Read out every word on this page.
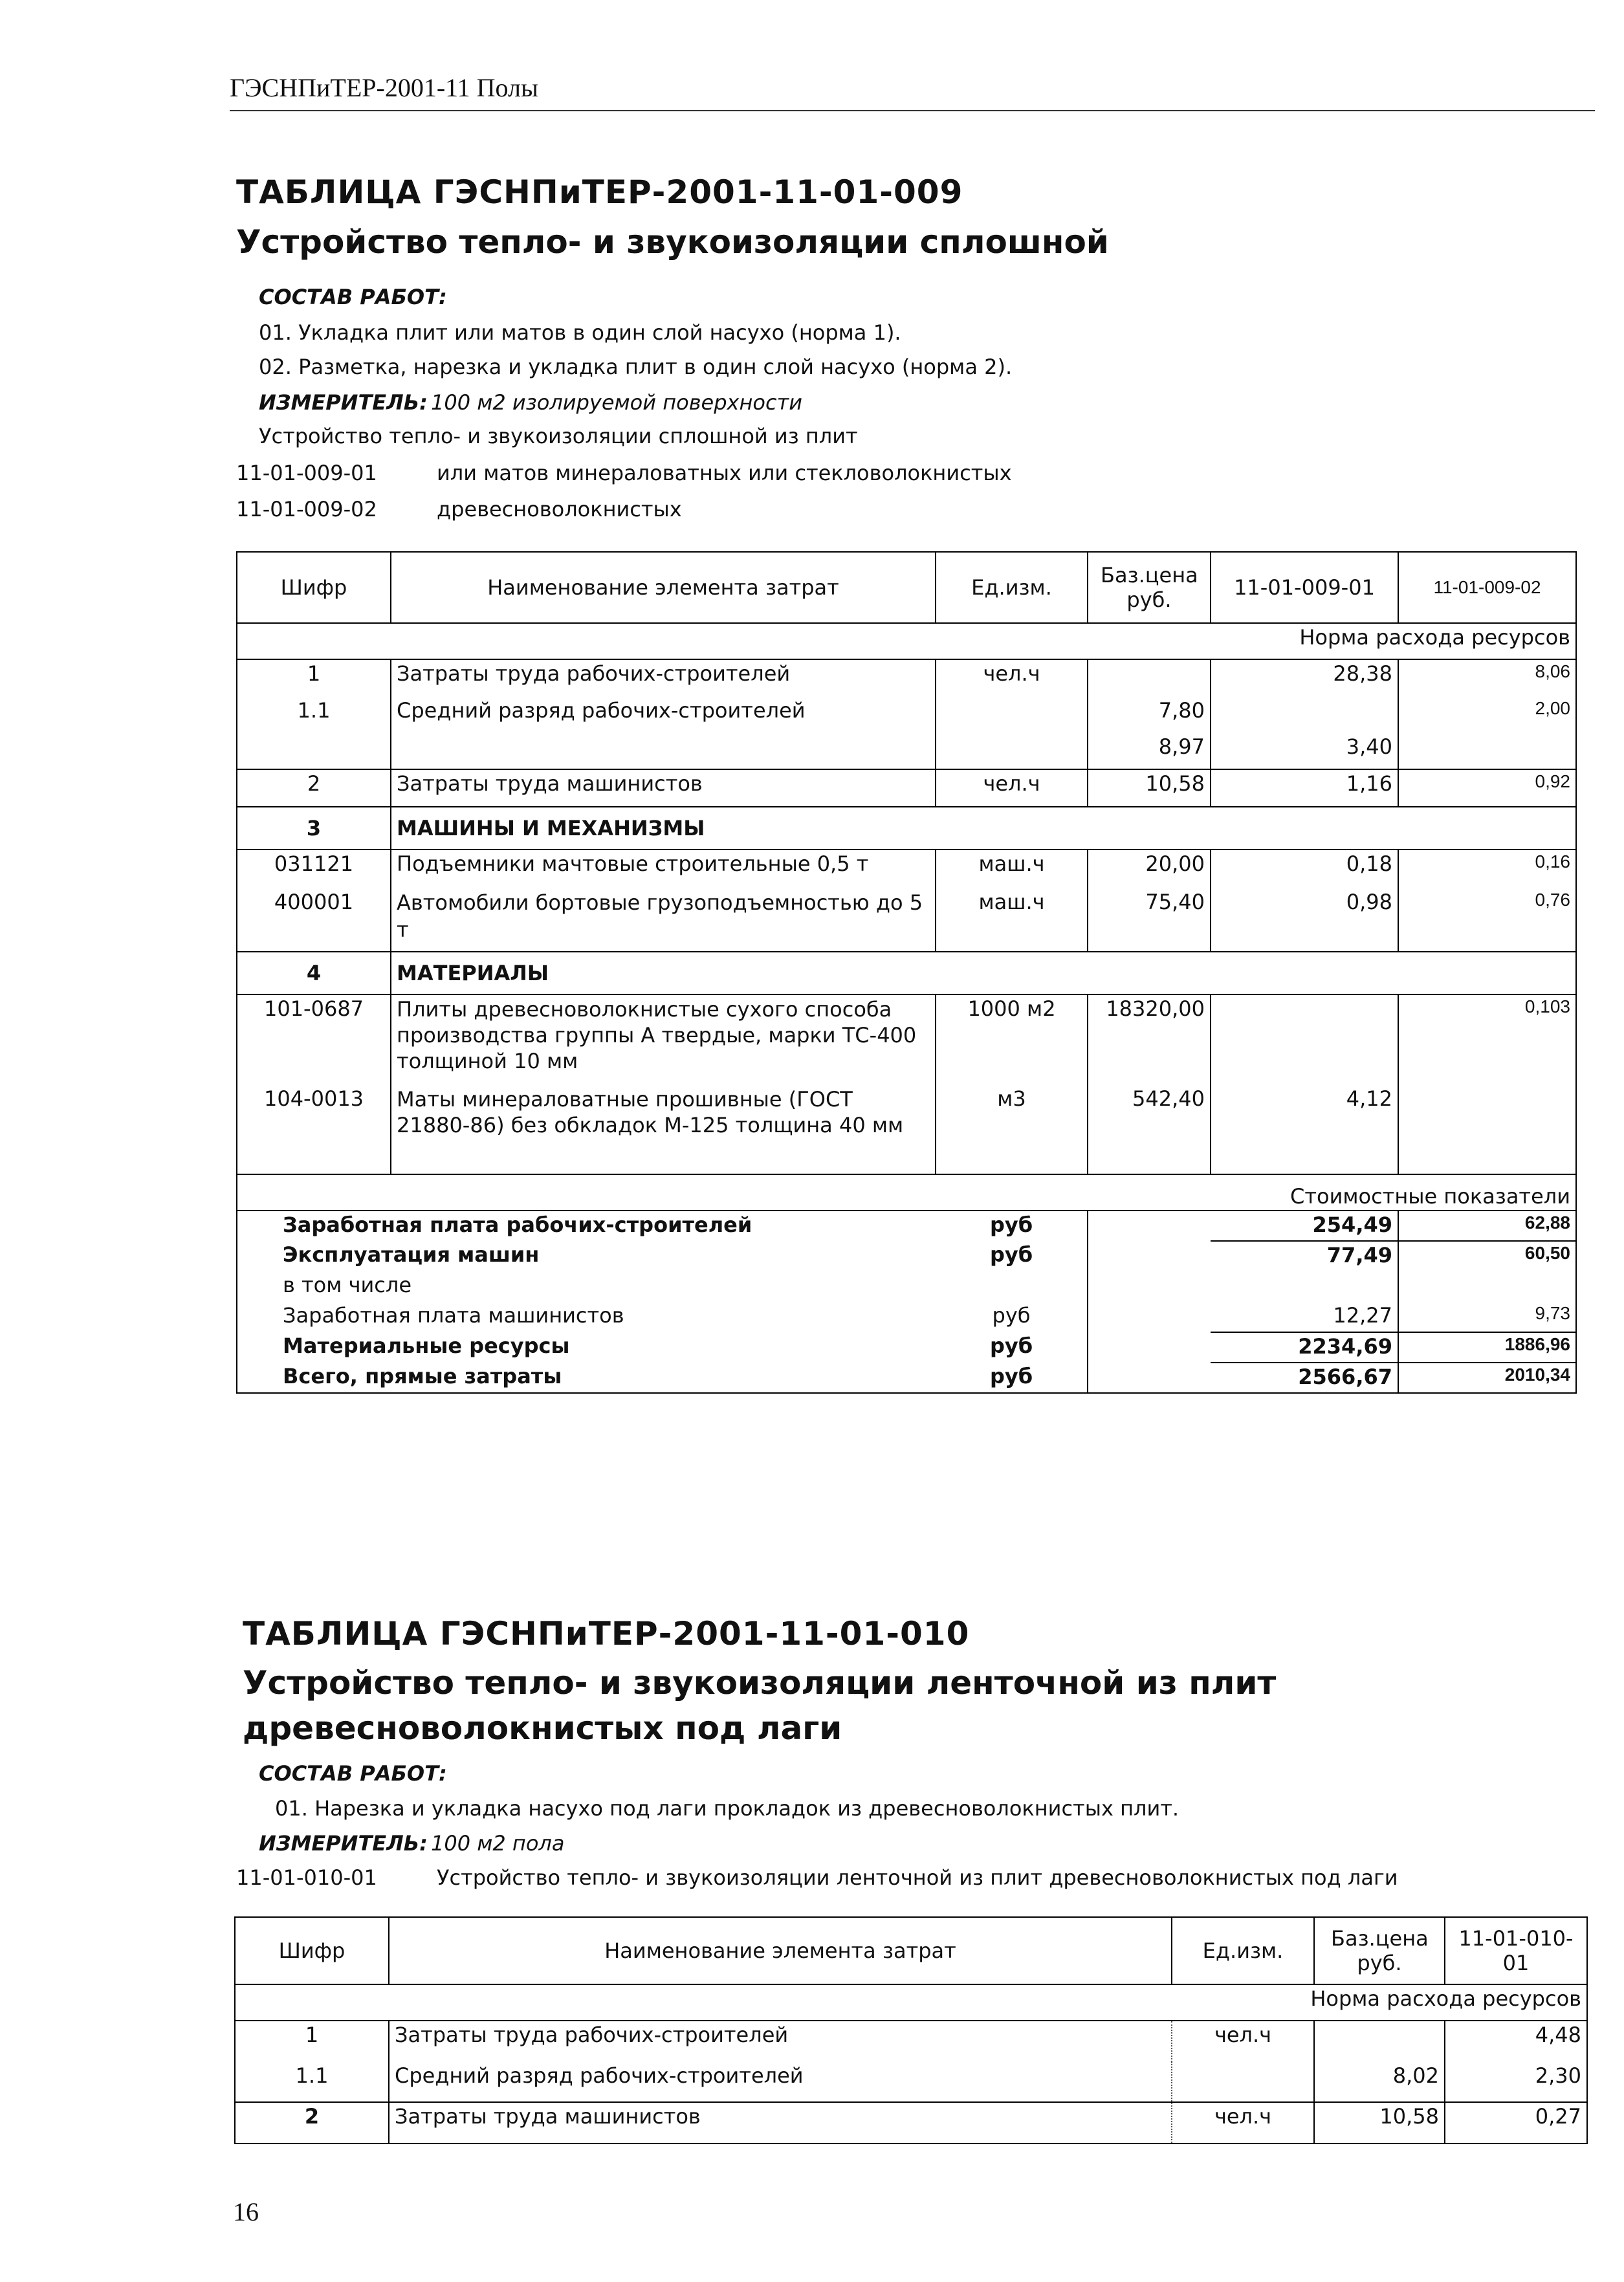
ГЭСНПиТЕР-2001-11 Полы
ТАБЛИЦА ГЭСНПиТЕР-2001-11-01-009
Устройство тепло- и звукоизоляции сплошной
СОСТАВ РАБОТ:
01. Укладка плит или матов в один слой насухо (норма 1).
02. Разметка, нарезка и укладка плит в один слой насухо (норма 2).
ИЗМЕРИТЕЛЬ: 100 м2 изолируемой поверхности
Устройство тепло- и звукоизоляции сплошной из плит
11-01-009-01	или матов минераловатных или стекловолокнистых
11-01-009-02	древесноволокнистых
Шифр	Наименование элемента затрат	Ед.изм.	Баз.цена руб.	11-01-009-01	11-01-009-02
Норма расхода ресурсов					
1	Затраты труда рабочих-строителей	чел.ч		28,38	8,06
1.1	Средний разряд рабочих-строителей		7,80		2,00
			8,97	3,40	
2	Затраты труда машинистов	чел.ч	10,58	1,16	0,92
3	МАШИНЫ И МЕХАНИЗМЫ				
031121	Подъемники мачтовые строительные 0,5 т	маш.ч	20,00	0,18	0,16
400001	Автомобили бортовые грузоподъемностью до 5 т	маш.ч	75,40	0,98	0,76
4	МАТЕРИАЛЫ				
101-0687	Плиты древесноволокнистые сухого способа производства группы А твердые, марки ТС-400 толщиной 10 мм	1000 м2	18320,00		0,103
104-0013	Маты минераловатные прошивные (ГОСТ 21880-86) без обкладок М-125 толщина 40 мм	м3	542,40	4,12	
Стоимостные показатели					
Заработная плата рабочих-строителей		руб		254,49	62,88
Эксплуатация машин		руб		77,49	60,50
в том числе					
Заработная плата машинистов		руб		12,27	9,73
Материальные ресурсы		руб		2234,69	1886,96
Всего, прямые затраты		руб		2566,67	2010,34
ТАБЛИЦА ГЭСНПиТЕР-2001-11-01-010
Устройство тепло- и звукоизоляции ленточной из плит
древесноволокнистых под лаги
СОСТАВ РАБОТ:
01. Нарезка и укладка насухо под лаги прокладок из древесноволокнистых плит.
ИЗМЕРИТЕЛЬ: 100 м2 пола
11-01-010-01	Устройство тепло- и звукоизоляции ленточной из плит древесноволокнистых под лаги
Шифр	Наименование элемента затрат	Ед.изм.	Баз.цена руб.	11-01-010-01
Норма расхода ресурсов				
1	Затраты труда рабочих-строителей	чел.ч		4,48
1.1	Средний разряд рабочих-строителей		8,02	2,30
2	Затраты труда машинистов	чел.ч	10,58	0,27
16
